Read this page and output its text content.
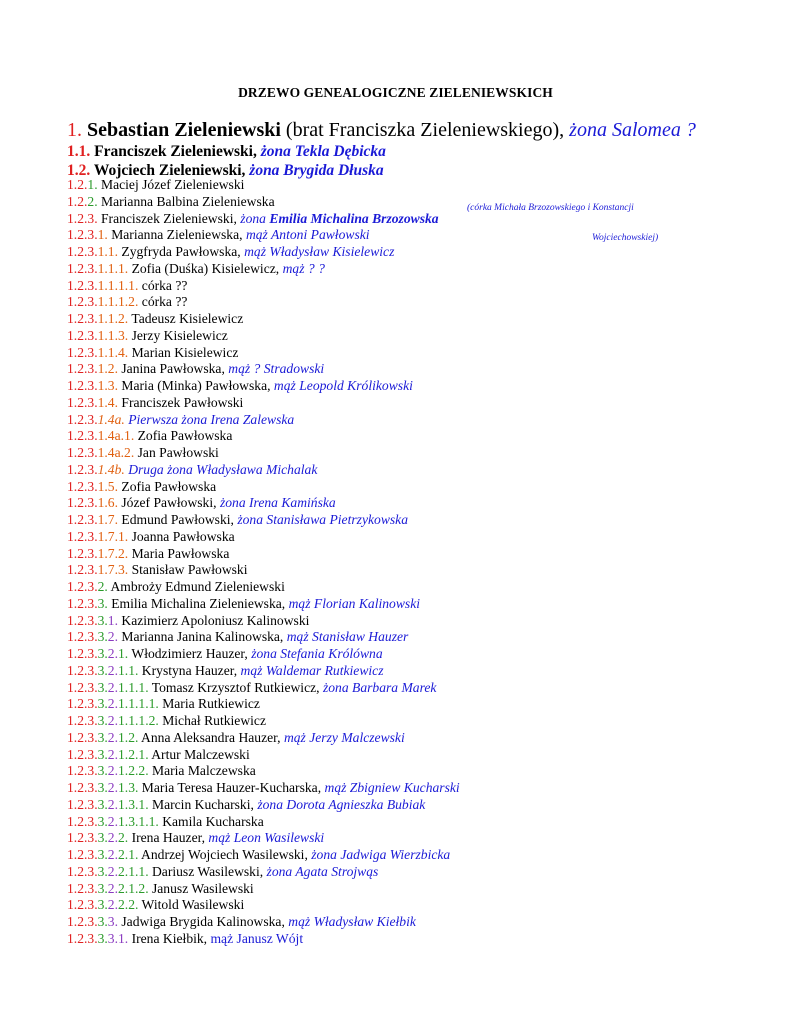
DRZEWO GENEALOGICZNE ZIELENIEWSKICH
1. Sebastian Zieleniewski (brat Franciszka Zieleniewskiego), żona Salomea ?
1.1. Franciszek Zieleniewski, żona Tekla Dębicka
1.2. Wojciech Zieleniewski, żona Brygida Dłuska
1.2.1. Maciej Józef Zieleniewski
1.2.2. Marianna Balbina Zieleniewska
1.2.3. Franciszek Zieleniewski, żona Emilia Michalina Brzozowska
(córka Michała Brzozowskiego i Konstancji
1.2.3.1. Marianna Zieleniewska, mąż Antoni Pawłowski	Wojciechowskiej)
1.2.3.1.1. Zygfryda Pawłowska, mąż Władysław Kisielewicz
1.2.3.1.1.1. Zofia (Duśka) Kisielewicz, mąż ? ?
1.2.3.1.1.1.1. córka ??
1.2.3.1.1.1.2. córka ??
1.2.3.1.1.2. Tadeusz Kisielewicz
1.2.3.1.1.3. Jerzy Kisielewicz
1.2.3.1.1.4. Marian Kisielewicz
1.2.3.1.2. Janina Pawłowska, mąż ? Stradowski
1.2.3.1.3. Maria (Minka) Pawłowska, mąż Leopold Królikowski
1.2.3.1.4. Franciszek Pawłowski
1.2.3.1.4a. Pierwsza żona Irena Zalewska
1.2.3.1.4a.1. Zofia Pawłowska
1.2.3.1.4a.2. Jan Pawłowski
1.2.3.1.4b. Druga żona Władysława Michalak
1.2.3.1.5. Zofia Pawłowska
1.2.3.1.6. Józef Pawłowski, żona Irena Kamińska
1.2.3.1.7. Edmund Pawłowski, żona Stanisława Pietrzykowska
1.2.3.1.7.1. Joanna Pawłowska
1.2.3.1.7.2. Maria Pawłowska
1.2.3.1.7.3. Stanisław Pawłowski
1.2.3.2. Ambroży Edmund Zieleniewski
1.2.3.3. Emilia Michalina Zieleniewska, mąż Florian Kalinowski
1.2.3.3.1. Kazimierz Apoloniusz Kalinowski
1.2.3.3.2. Marianna Janina Kalinowska, mąż Stanisław Hauzer
1.2.3.3.2.1. Włodzimierz Hauzer, żona Stefania Królówna
1.2.3.3.2.1.1. Krystyna Hauzer, mąż Waldemar Rutkiewicz
1.2.3.3.2.1.1.1. Tomasz Krzysztof Rutkiewicz, żona Barbara Marek
1.2.3.3.2.1.1.1.1. Maria Rutkiewicz
1.2.3.3.2.1.1.1.2. Michał Rutkiewicz
1.2.3.3.2.1.2. Anna Aleksandra Hauzer, mąż Jerzy Malczewski
1.2.3.3.2.1.2.1. Artur Malczewski
1.2.3.3.2.1.2.2. Maria Malczewska
1.2.3.3.2.1.3. Maria Teresa Hauzer-Kucharska, mąż Zbigniew Kucharski
1.2.3.3.2.1.3.1. Marcin Kucharski, żona Dorota Agnieszka Bubiak
1.2.3.3.2.1.3.1.1. Kamila Kucharska
1.2.3.3.2.2. Irena Hauzer, mąż Leon Wasilewski
1.2.3.3.2.2.1. Andrzej Wojciech Wasilewski, żona Jadwiga Wierzbicka
1.2.3.3.2.2.1.1. Dariusz Wasilewski, żona Agata Strojwąs
1.2.3.3.2.2.1.2. Janusz Wasilewski
1.2.3.3.2.2.2. Witold Wasilewski
1.2.3.3.3. Jadwiga Brygida Kalinowska, mąż Władysław Kiełbik
1.2.3.3.3.1. Irena Kiełbik, mąż Janusz Wójt
